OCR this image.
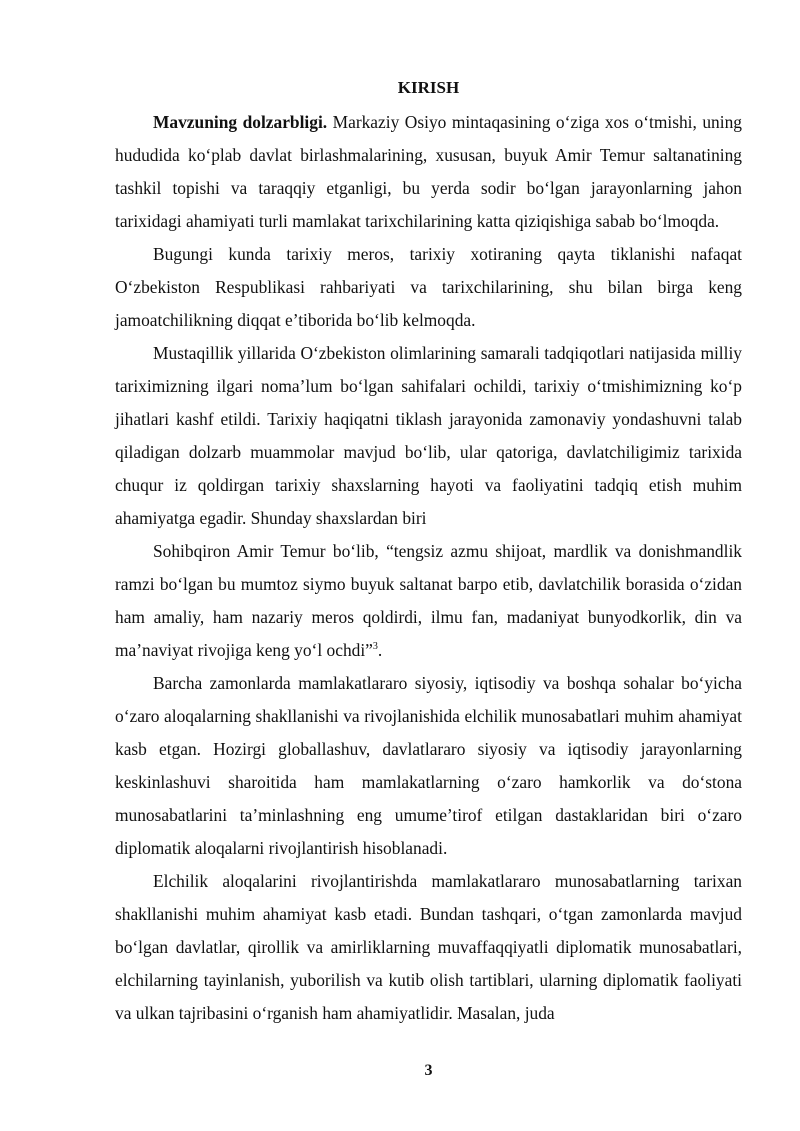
KIRISH

Mavzuning dolzarbligi. Markaziy Osiyo mintaqasining o‘ziga xos o‘tmishi, uning hududida ko‘plab davlat birlashmalarining, xususan, buyuk Amir Temur saltanatining tashkil topishi va taraqqiy etganligi, bu yerda sodir bo‘lgan jarayonlarning jahon tarixidagi ahamiyati turli mamlakat tarixchilarining katta qiziqishiga sabab bo‘lmoqda.

Bugungi kunda tarixiy meros, tarixiy xotiraning qayta tiklanishi nafaqat O‘zbekiston Respublikasi rahbariyati va tarixchilarining, shu bilan birga keng jamoatchilikning diqqat e’tiborida bo‘lib kelmoqda.

Mustaqillik yillarida O‘zbekiston olimlarining samarali tadqiqotlari natijasida milliy tariximizning ilgari noma’lum bo‘lgan sahifalari ochildi, tarixiy o‘tmishimizning ko‘p jihatlari kashf etildi. Tarixiy haqiqatni tiklash jarayonida zamonaviy yondashuvni talab qiladigan dolzarb muammolar mavjud bo‘lib, ular qatoriga, davlatchiligimiz tarixida chuqur iz qoldirgan tarixiy shaxslarning hayoti va faoliyatini tadqiq etish muhim ahamiyatga egadir. Shunday shaxslardan biri

Sohibqiron Amir Temur bo‘lib, “tengsiz azmu shijoat, mardlik va donishmandlik ramzi bo‘lgan bu mumtoz siymo buyuk saltanat barpo etib, davlatchilik borasida o‘zidan ham amaliy, ham nazariy meros qoldirdi, ilmu fan, madaniyat bunyodkorlik, din va ma’naviyat rivojiga keng yo‘l ochdi”$^3$.

Barcha zamonlarda mamlakatlararo siyosiy, iqtisodiy va boshqa sohalar bo‘yicha o‘zaro aloqalarning shakllanishi va rivojlanishida elchilik munosabatlari muhim ahamiyat kasb etgan. Hozirgi globallashuv, davlatlararo siyosiy va iqtisodiy jarayonlarning keskinlashuvi sharoitida ham mamlakatlarning o‘zaro hamkorlik va do‘stona munosabatlarini ta’minlashning eng umume’tirof etilgan dastaklaridan biri o‘zaro diplomatik aloqalarni rivojlantirish hisoblanadi.

Elchilik aloqalarini rivojlantirishda mamlakatlararo munosabatlarning tarixan shakllanishi muhim ahamiyat kasb etadi. Bundan tashqari, o‘tgan zamonlarda mavjud bo‘lgan davlatlar, qirollik va amirliklarning muvaffaqqiyatli diplomatik munosabatlari, elchilarning tayinlanish, yuborilish va kutib olish tartiblari, ularning diplomatik faoliyati va ulkan tajribasini o‘rganish ham ahamiyatlidir. Masalan, juda

3
